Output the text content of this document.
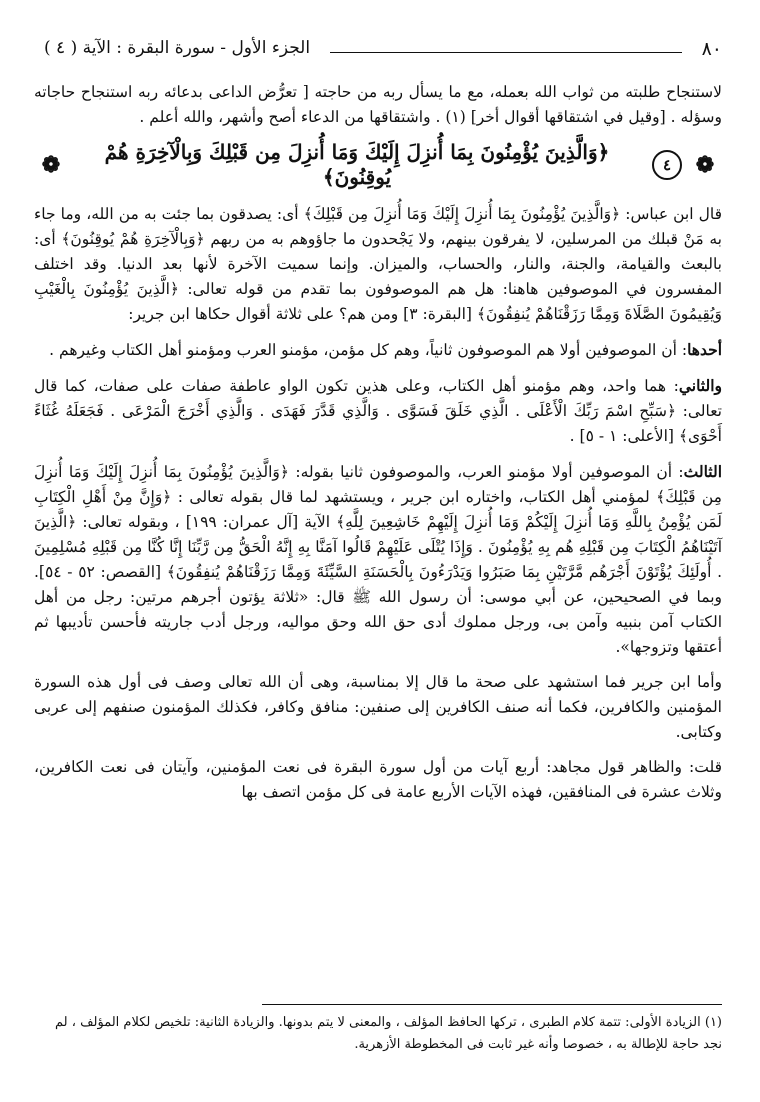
٨٠
الجزء الأول - سورة البقرة : الآية ( ٤ )

لاستنجاح طلبته من ثواب الله بعمله، مع ما يسأل ربه من حاجته [ تعرُّض الداعى بدعائه ربه استنجاح حاجاته وسؤله . [وقيل في اشتقاقها أقوال أخر] (١) . واشتقاقها من الدعاء أصح وأشهر، والله أعلم .

❁
٤
﴿وَالَّذِينَ يُؤْمِنُونَ بِمَا أُنزِلَ إِلَيْكَ وَمَا أُنزِلَ مِن قَبْلِكَ وَبِالْآخِرَةِ هُمْ يُوقِنُونَ﴾
❁

قال ابن عباس: ﴿وَالَّذِينَ يُؤْمِنُونَ بِمَا أُنزِلَ إِلَيْكَ وَمَا أُنزِلَ مِن قَبْلِكَ﴾ أى: يصدقون بما جئت به من الله، وما جاء به مَنْ قبلك من المرسلين، لا يفرقون بينهم، ولا يَجْحدون ما جاؤوهم به من ربهم ﴿وَبِالْآخِرَةِ هُمْ يُوقِنُونَ﴾ أى: بالبعث والقيامة، والجنة، والنار، والحساب، والميزان. وإنما سميت الآخرة لأنها بعد الدنيا. وقد اختلف المفسرون في الموصوفين هاهنا: هل هم الموصوفون بما تقدم من قوله تعالى: ﴿الَّذِينَ يُؤْمِنُونَ بِالْغَيْبِ وَيُقِيمُونَ الصَّلَاةَ وَمِمَّا رَزَقْنَاهُمْ يُنفِقُونَ﴾ [البقرة: ٣] ومن هم؟ على ثلاثة أقوال حكاها ابن جرير:

أحدها: أن الموصوفين أولا هم الموصوفون ثانياً، وهم كل مؤمن، مؤمنو العرب ومؤمنو أهل الكتاب وغيرهم .

والثاني: هما واحد، وهم مؤمنو أهل الكتاب، وعلى هذين تكون الواو عاطفة صفات على صفات، كما قال تعالى: ﴿سَبِّحِ اسْمَ رَبِّكَ الْأَعْلَى . الَّذِي خَلَقَ فَسَوَّى . وَالَّذِي قَدَّرَ فَهَدَى . وَالَّذِي أَخْرَجَ الْمَرْعَى . فَجَعَلَهُ غُثَاءً أَحْوَى﴾ [الأعلى: ١ - ٥] .

الثالث: أن الموصوفين أولا مؤمنو العرب، والموصوفون ثانيا بقوله: ﴿وَالَّذِينَ يُؤْمِنُونَ بِمَا أُنزِلَ إِلَيْكَ وَمَا أُنزِلَ مِن قَبْلِكَ﴾ لمؤمني أهل الكتاب، واختاره ابن جرير ، ويستشهد لما قال بقوله تعالى : ﴿وَإِنَّ مِنْ أَهْلِ الْكِتَابِ لَمَن يُؤْمِنُ بِاللَّهِ وَمَا أُنزِلَ إِلَيْكُمْ وَمَا أُنزِلَ إِلَيْهِمْ خَاشِعِينَ لِلَّهِ﴾ الآية [آل عمران: ١٩٩] ، وبقوله تعالى: ﴿الَّذِينَ آتَيْنَاهُمُ الْكِتَابَ مِن قَبْلِهِ هُم بِهِ يُؤْمِنُونَ . وَإِذَا يُتْلَى عَلَيْهِمْ قَالُوا آمَنَّا بِهِ إِنَّهُ الْحَقُّ مِن رَّبِّنَا إِنَّا كُنَّا مِن قَبْلِهِ مُسْلِمِينَ . أُولَئِكَ يُؤْتَوْنَ أَجْرَهُم مَّرَّتَيْنِ بِمَا صَبَرُوا وَيَدْرَءُونَ بِالْحَسَنَةِ السَّيِّئَةَ وَمِمَّا رَزَقْنَاهُمْ يُنفِقُونَ﴾ [القصص: ٥٢ - ٥٤]. وبما في الصحيحين، عن أبي موسى: أن رسول الله ﷺ قال: «ثلاثة يؤتون أجرهم مرتين: رجل من أهل الكتاب آمن بنبيه وآمن بى، ورجل مملوك أدى حق الله وحق مواليه، ورجل أدب جاريته فأحسن تأديبها ثم أعتقها وتزوجها».

وأما ابن جرير فما استشهد على صحة ما قال إلا بمناسبة، وهى أن الله تعالى وصف فى أول هذه السورة المؤمنين والكافرين، فكما أنه صنف الكافرين إلى صنفين: منافق وكافر، فكذلك المؤمنون صنفهم إلى عربى وكتابى.

قلت: والظاهر قول مجاهد: أربع آيات من أول سورة البقرة فى نعت المؤمنين، وآيتان فى نعت الكافرين، وثلاث عشرة فى المنافقين، فهذه الآيات الأربع عامة فى كل مؤمن اتصف بها

(١) الزيادة الأولى: تتمة كلام الطبرى ، تركها الحافظ المؤلف ، والمعنى لا يتم بدونها. والزيادة الثانية: تلخيص لكلام المؤلف ، لم نجد حاجة للإطالة به ، خصوصا وأنه غير ثابت فى المخطوطة الأزهرية.
